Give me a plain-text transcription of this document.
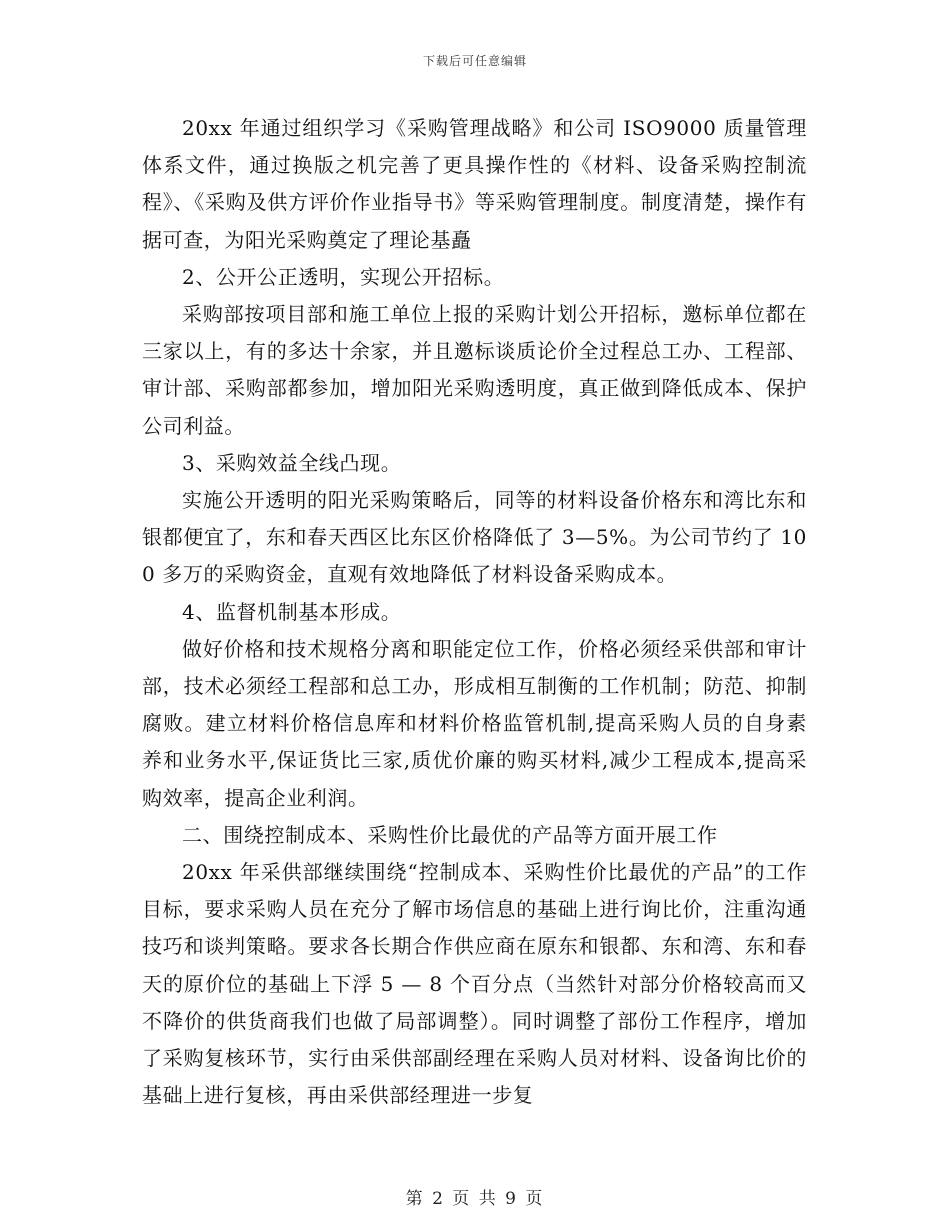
下载后可任意编辑

20xx 年通过组织学习《采购管理战略》和公司 ISO9000 质量管理体系文件，通过换版之机完善了更具操作性的《材料、设备采购控制流程》、《采购及供方评价作业指导书》等采购管理制度。制度清楚，操作有据可查，为阳光采购奠定了理论基矗

2、公开公正透明，实现公开招标。

采购部按项目部和施工单位上报的采购计划公开招标，邀标单位都在三家以上，有的多达十余家，并且邀标谈质论价全过程总工办、工程部、审计部、采购部都参加，增加阳光采购透明度，真正做到降低成本、保护公司利益。

3、采购效益全线凸现。

实施公开透明的阳光采购策略后，同等的材料设备价格东和湾比东和银都便宜了，东和春天西区比东区价格降低了 3—5%。为公司节约了 100 多万的采购资金，直观有效地降低了材料设备采购成本。

4、监督机制基本形成。

做好价格和技术规格分离和职能定位工作，价格必须经采供部和审计部，技术必须经工程部和总工办，形成相互制衡的工作机制；防范、抑制腐败。建立材料价格信息库和材料价格监管机制,提高采购人员的自身素养和业务水平,保证货比三家,质优价廉的购买材料,减少工程成本,提高采购效率，提高企业利润。

二、围绕控制成本、采购性价比最优的产品等方面开展工作

20xx 年采供部继续围绕“控制成本、采购性价比最优的产品”的工作目标，要求采购人员在充分了解市场信息的基础上进行询比价，注重沟通技巧和谈判策略。要求各长期合作供应商在原东和银都、东和湾、东和春天的原价位的基础上下浮 5 — 8 个百分点（当然针对部分价格较高而又不降价的供货商我们也做了局部调整）。同时调整了部份工作程序，增加了采购复核环节，实行由采供部副经理在采购人员对材料、设备询比价的基础上进行复核，再由采供部经理进一步复

第 2 页 共 9 页
